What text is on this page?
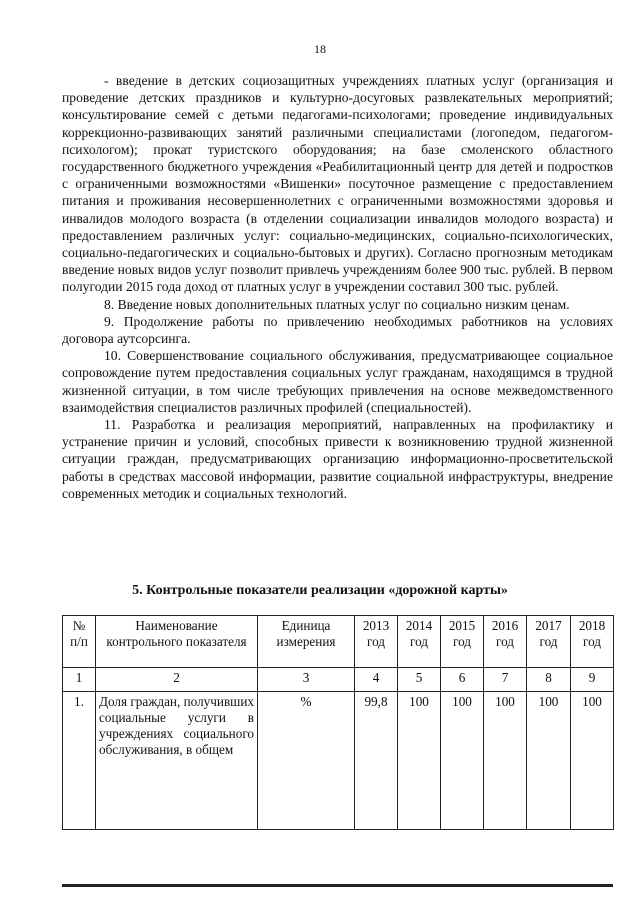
18

- введение в детских социозащитных учреждениях платных услуг (организация и проведение детских праздников и культурно-досуговых развлекательных мероприятий; консультирование семей с детьми педагогами-психологами; проведение индивидуальных коррекционно-развивающих занятий различными специалистами (логопедом, педагогом-психологом); прокат туристского оборудования; на базе смоленского областного государственного бюджетного учреждения «Реабилитационный центр для детей и подростков с ограниченными возможностями «Вишенки» посуточное размещение с предоставлением питания и проживания несовершеннолетних с ограниченными возможностями здоровья и инвалидов молодого возраста (в отделении социализации инвалидов молодого возраста) и предоставлением различных услуг: социально-медицинских, социально-психологических, социально-педагогических и социально-бытовых и других). Согласно прогнозным методикам введение новых видов услуг позволит привлечь учреждениям более 900 тыс. рублей. В первом полугодии 2015 года доход от платных услуг в учреждении составил 300 тыс. рублей.

8. Введение новых дополнительных платных услуг по социально низким ценам.

9. Продолжение работы по привлечению необходимых работников на условиях договора аутсорсинга.

10. Совершенствование социального обслуживания, предусматривающее социальное сопровождение путем предоставления социальных услуг гражданам, находящимся в трудной жизненной ситуации, в том числе требующих привлечения на основе межведомственного взаимодействия специалистов различных профилей (специальностей).

11. Разработка и реализация мероприятий, направленных на профилактику и устранение причин и условий, способных привести к возникновению трудной жизненной ситуации граждан, предусматривающих организацию информационно-просветительской работы в средствах массовой информации, развитие социальной инфраструктуры, внедрение современных методик и социальных технологий.

5. Контрольные показатели реализации «дорожной карты»
№ п/п	Наименование контрольного показателя	Единица измерения	2013 год	2014 год	2015 год	2016 год	2017 год	2018 год
1	2	3	4	5	6	7	8	9
1.	Доля граждан, получивших социальные услуги в учреждениях социального обслуживания, в общем	%	99,8	100	100	100	100	100
